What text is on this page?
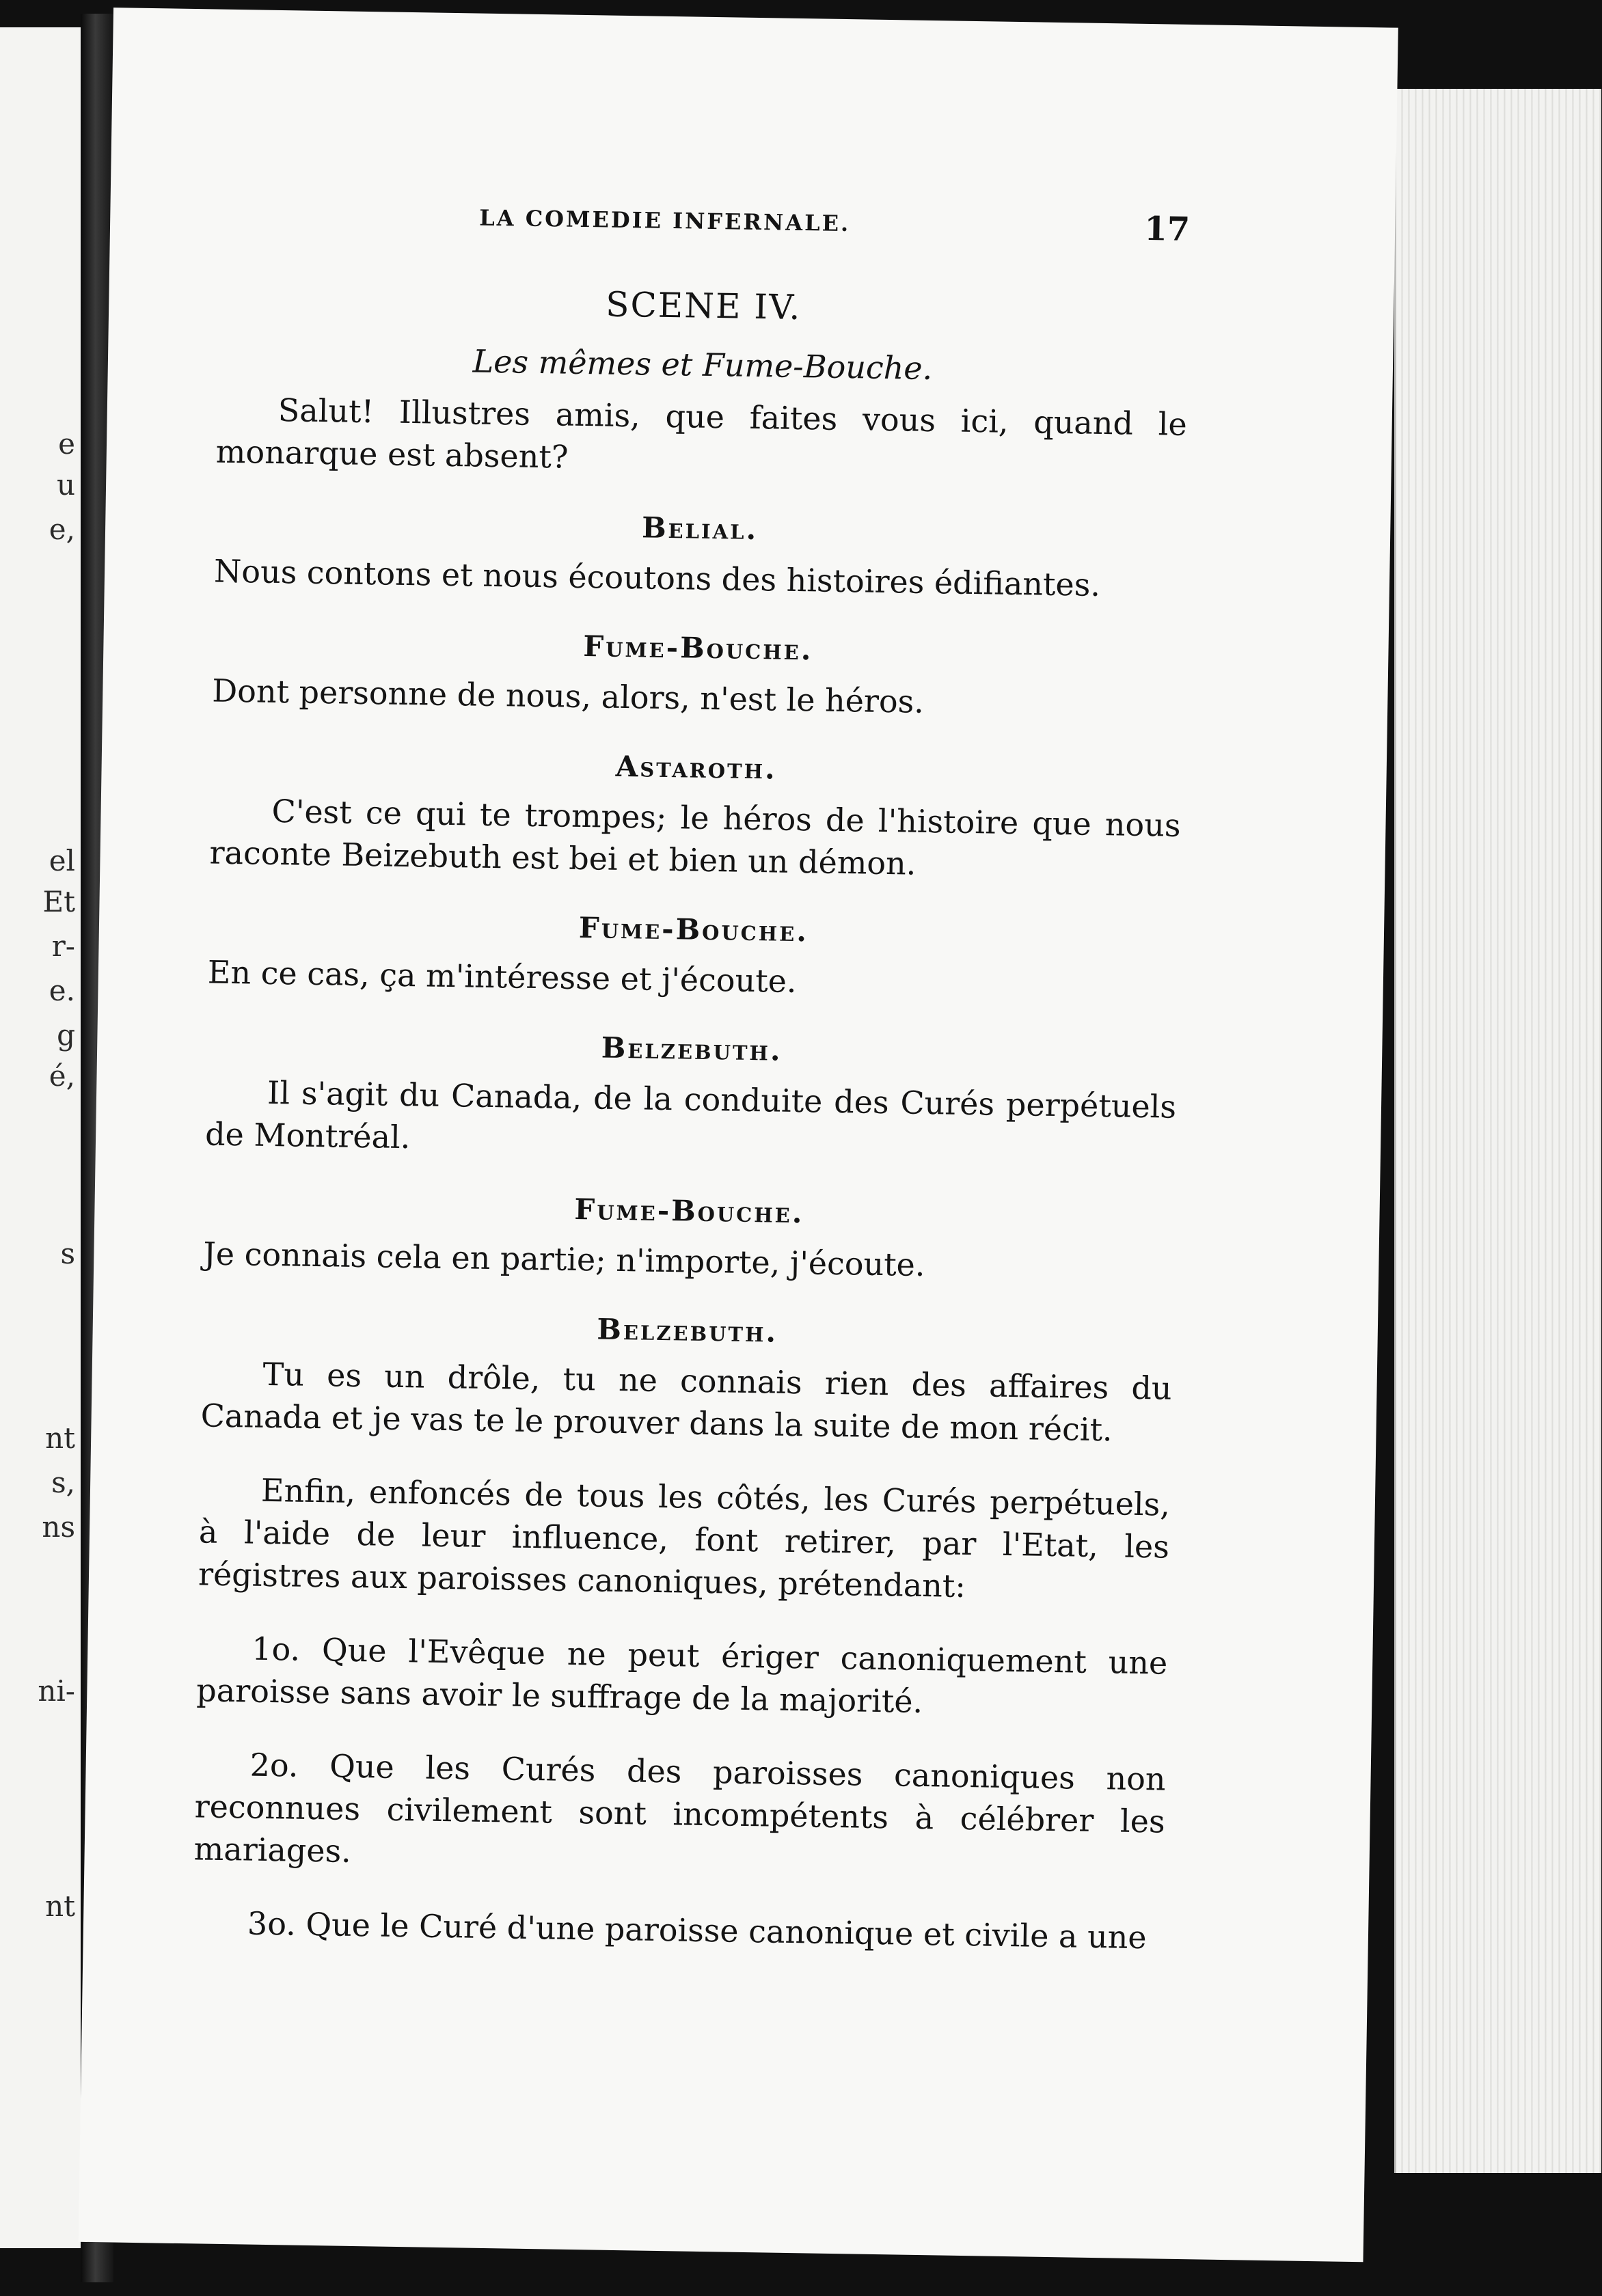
e
u
e,
el
Et
r-
e.
g
é,
s
nt
s,
ns
ni-
nt
LA COMEDIE INFERNALE.	17
SCENE IV.
Les mêmes et Fume-Bouche.

Salut! Illustres amis, que faites vous ici, quand le monarque est absent?

Belial.

Nous contons et nous écoutons des histoires édifiantes.

Fume-Bouche.

Dont personne de nous, alors, n'est le héros.

Astaroth.

C'est ce qui te trompes; le héros de l'histoire que nous raconte Beizebuth est bei et bien un démon.

Fume-Bouche.

En ce cas, ça m'intéresse et j'écoute.

Belzebuth.

Il s'agit du Canada, de la conduite des Curés perpétuels de Montréal.

Fume-Bouche.

Je connais cela en partie; n'importe, j'écoute.

Belzebuth.

Tu es un drôle, tu ne connais rien des affaires du Canada et je vas te le prouver dans la suite de mon récit.

Enfin, enfoncés de tous les côtés, les Curés perpétuels, à l'aide de leur influence, font retirer, par l'Etat, les régistres aux paroisses canoniques, prétendant:

1o. Que l'Evêque ne peut ériger canoniquement une paroisse sans avoir le suffrage de la majorité.

2o. Que les Curés des paroisses canoniques non reconnues civilement sont incompétents à célébrer les mariages.

3o. Que le Curé d'une paroisse canonique et civile a une
